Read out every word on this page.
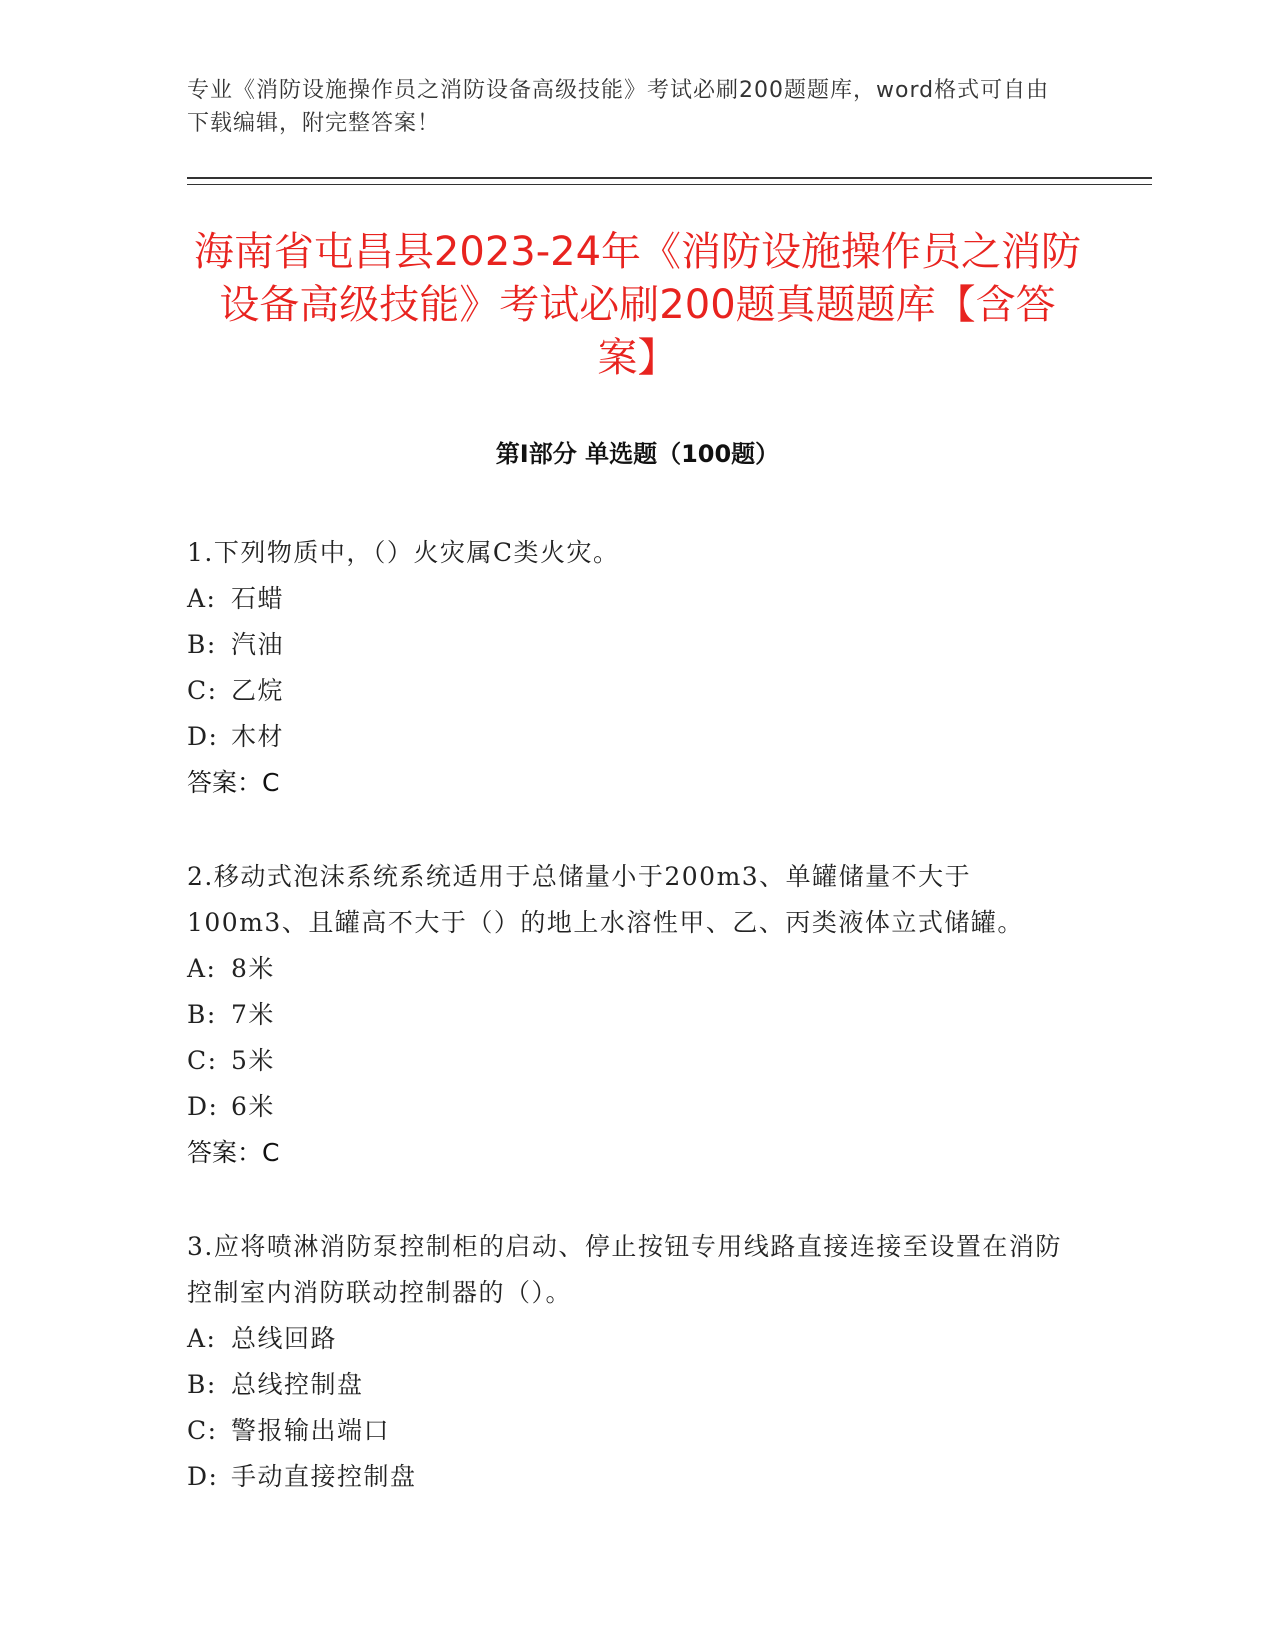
专业《消防设施操作员之消防设备高级技能》考试必刷200题题库，word格式可自由下载编辑，附完整答案！
海南省屯昌县2023-24年《消防设施操作员之消防设备高级技能》考试必刷200题真题题库【含答案】
第Ⅰ部分 单选题（100题）

1.下列物质中，（）火灾属C类火灾。

A: 石蜡
B: 汽油
C: 乙烷
D: 木材

答案：C

2.移动式泡沫系统系统适用于总储量小于200m3、单罐储量不大于100m3、且罐高不大于（）的地上水溶性甲、乙、丙类液体立式储罐。

A: 8米
B: 7米
C: 5米
D: 6米

答案：C

3.应将喷淋消防泵控制柜的启动、停止按钮专用线路直接连接至设置在消防控制室内消防联动控制器的（）。

A: 总线回路
B: 总线控制盘
C: 警报输出端口
D: 手动直接控制盘
